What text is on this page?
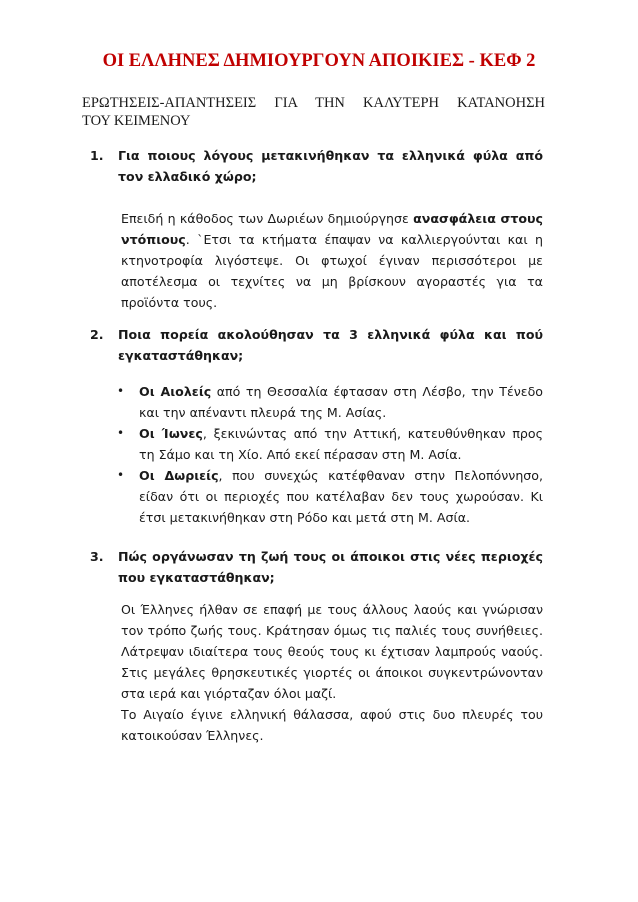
ΟΙ ΕΛΛΗΝΕΣ ΔΗΜΙΟΥΡΓΟΥΝ ΑΠΟΙΚΙΕΣ - ΚΕΦ 2
ΕΡΩΤΗΣΕΙΣ-ΑΠΑΝΤΗΣΕΙΣ ΓΙΑ ΤΗΝ ΚΑΛΥΤΕΡΗ ΚΑΤΑΝΟΗΣΗ
ΤΟΥ ΚΕΙΜΕΝΟΥ
1. Για ποιους λόγους μετακινήθηκαν τα ελληνικά φύλα από τον ελλαδικό χώρο;

Επειδή η κάθοδος των Δωριέων δημιούργησε ανασφάλεια στους ντόπιους. `Ετσι τα κτήματα έπαψαν να καλλιεργούνται και η κτηνοτροφία λιγόστεψε. Οι φτωχοί έγιναν περισσότεροι με αποτέλεσμα οι τεχνίτες να μη βρίσκουν αγοραστές για τα προϊόντα τους.

2. Ποια πορεία ακολούθησαν τα 3 ελληνικά φύλα και πού εγκαταστάθηκαν;
• Οι Αιολείς από τη Θεσσαλία έφτασαν στη Λέσβο, την Τένεδο και την απέναντι πλευρά της Μ. Ασίας.
• Οι Ίωνες, ξεκινώντας από την Αττική, κατευθύνθηκαν προς τη Σάμο και τη Χίο. Από εκεί πέρασαν στη Μ. Ασία.
• Οι Δωριείς, που συνεχώς κατέφθαναν στην Πελοπόννησο, είδαν ότι οι περιοχές που κατέλαβαν δεν τους χωρούσαν. Κι έτσι μετακινήθηκαν στη Ρόδο και μετά στη Μ. Ασία.
3. Πώς οργάνωσαν τη ζωή τους οι άποικοι στις νέες περιοχές που εγκαταστάθηκαν;

Οι Έλληνες ήλθαν σε επαφή με τους άλλους λαούς και γνώρισαν τον τρόπο ζωής τους. Κράτησαν όμως τις παλιές τους συνήθειες. Λάτρεψαν ιδιαίτερα τους θεούς τους κι έχτισαν λαμπρούς ναούς. Στις μεγάλες θρησκευτικές γιορτές οι άποικοι συγκεντρώνονταν στα ιερά και γιόρταζαν όλοι μαζί.

Το Αιγαίο έγινε ελληνική θάλασσα, αφού στις δυο πλευρές του κατοικούσαν Έλληνες.
